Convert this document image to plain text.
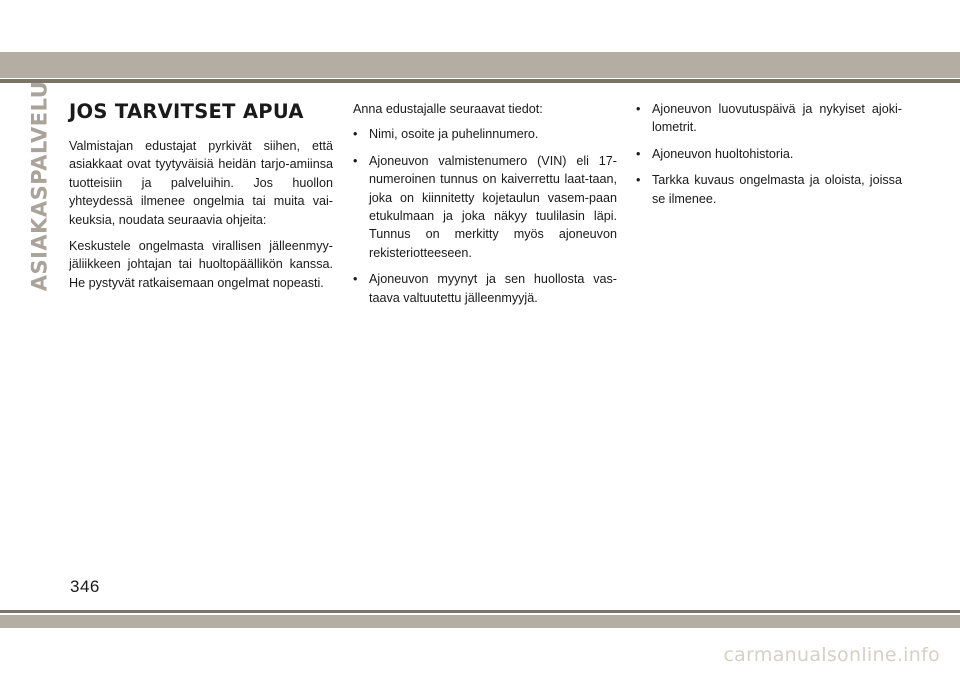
ASIAKASPALVELU JOS TARVITSET APUA

Valmistajan edustajat pyrkivät siihen, että asiakkaat ovat tyytyväisiä heidän tarjo-amiinsa tuotteisiin ja palveluihin. Jos huollon yhteydessä ilmenee ongelmia tai muita vai-keuksia, noudata seuraavia ohjeita:

Keskustele ongelmasta virallisen jälleenmyy-jäliikkeen johtajan tai huoltopäällikön kanssa. He pystyvät ratkaisemaan ongelmat nopeasti.

Anna edustajalle seuraavat tiedot:

• Nimi, osoite ja puhelinnumero.
• Ajoneuvon valmistenumero (VIN) eli 17-numeroinen tunnus on kaiverrettu laat-taan, joka on kiinnitetty kojetaulun vasem-paan etukulmaan ja joka näkyy tuulilasin läpi. Tunnus on merkitty myös ajoneuvon rekisteriotteeseen.
• Ajoneuvon myynyt ja sen huollosta vas-taava valtuutettu jälleenmyyjä.
• Ajoneuvon luovutuspäivä ja nykyiset ajoki-lometrit.
• Ajoneuvon huoltohistoria.
• Tarkka kuvaus ongelmasta ja oloista, joissa se ilmenee.
346
carmanualsonline.info
